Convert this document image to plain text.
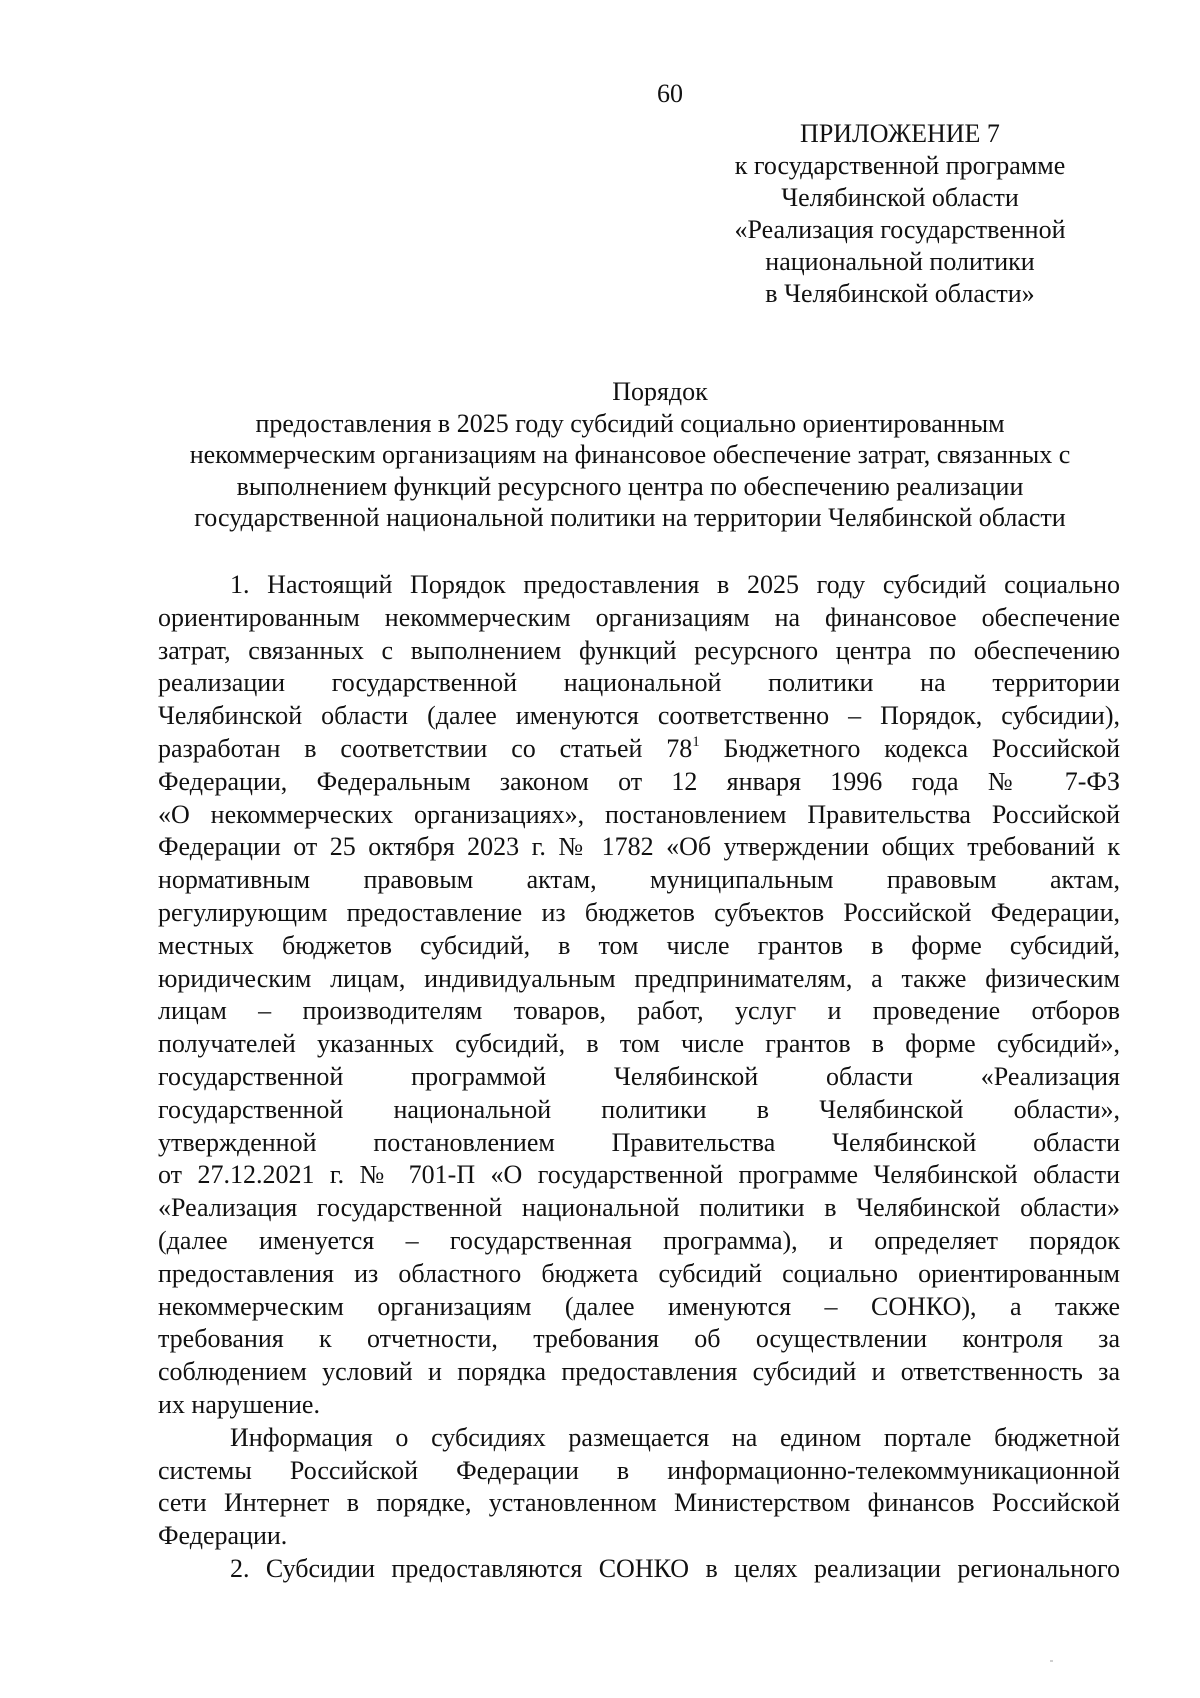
60
ПРИЛОЖЕНИЕ 7
к государственной программе
Челябинской области
«Реализация государственной
национальной политики
в Челябинской области»
Порядок
предоставления в 2025 году субсидий социально ориентированным
некоммерческим организациям на финансовое обеспечение затрат, связанных с
выполнением функций ресурсного центра по обеспечению реализации
государственной национальной политики на территории Челябинской области
1. Настоящий Порядок предоставления в 2025 году субсидий социально
ориентированным некоммерческим организациям на финансовое обеспечение
затрат, связанных с выполнением функций ресурсного центра по обеспечению
реализации государственной национальной политики на территории
Челябинской области (далее именуются соответственно – Порядок, субсидии),
разработан в соответствии со статьей $78^1$ Бюджетного кодекса Российской
Федерации, Федеральным законом от 12 января 1996 года № 7-ФЗ
«О некоммерческих организациях», постановлением Правительства Российской
Федерации от 25 октября 2023 г. № 1782 «Об утверждении общих требований к
нормативным правовым актам, муниципальным правовым актам,
регулирующим предоставление из бюджетов субъектов Российской Федерации,
местных бюджетов субсидий, в том числе грантов в форме субсидий,
юридическим лицам, индивидуальным предпринимателям, а также физическим
лицам – производителям товаров, работ, услуг и проведение отборов
получателей указанных субсидий, в том числе грантов в форме субсидий»,
государственной программой Челябинской области «Реализация
государственной национальной политики в Челябинской области»,
утвержденной постановлением Правительства Челябинской области
от 27.12.2021 г. № 701-П «О государственной программе Челябинской области
«Реализация государственной национальной политики в Челябинской области»
(далее именуется – государственная программа), и определяет порядок
предоставления из областного бюджета субсидий социально ориентированным
некоммерческим организациям (далее именуются – СОНКО), а также
требования к отчетности, требования об осуществлении контроля за
соблюдением условий и порядка предоставления субсидий и ответственность за
их нарушение.
Информация о субсидиях размещается на едином портале бюджетной
системы Российской Федерации в информационно-телекоммуникационной
сети Интернет в порядке, установленном Министерством финансов Российской
Федерации.
2. Субсидии предоставляются СОНКО в целях реализации регионального
